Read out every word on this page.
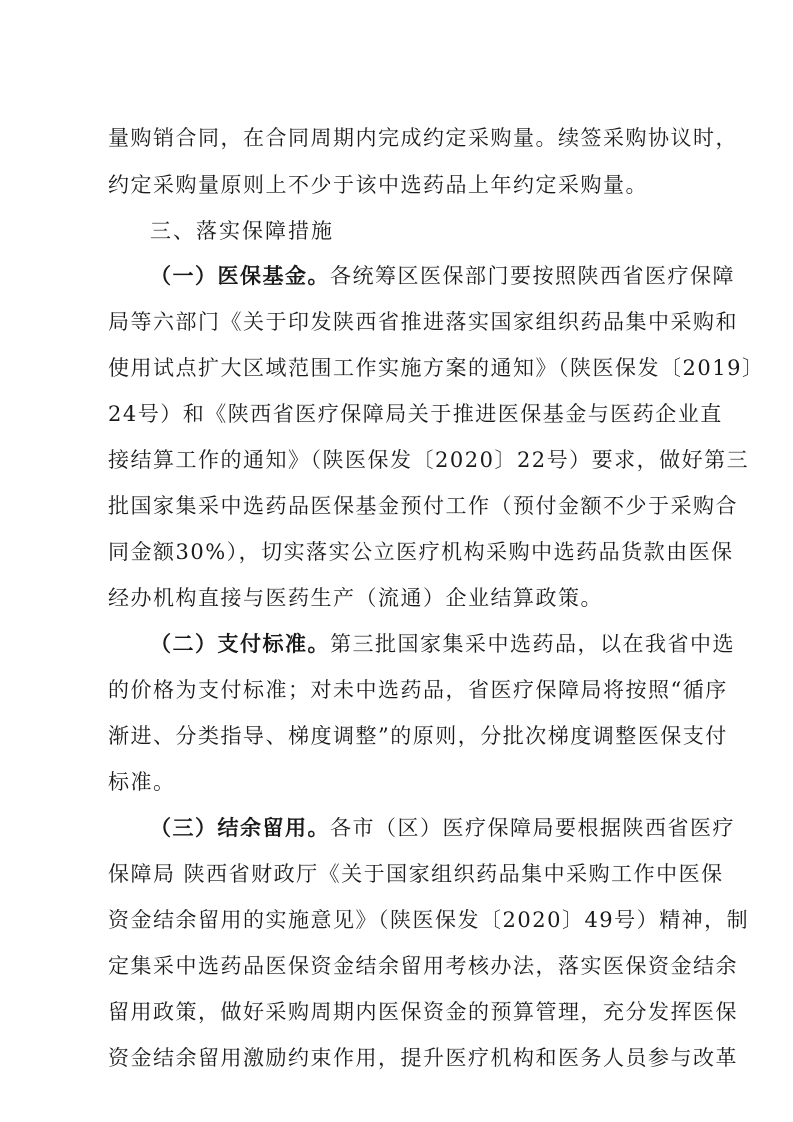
量购销合同，在合同周期内完成约定采购量。续签采购协议时，
约定采购量原则上不少于该中选药品上年约定采购量。
三、落实保障措施
（一）医保基金。各统筹区医保部门要按照陕西省医疗保障
局等六部门《关于印发陕西省推进落实国家组织药品集中采购和
使用试点扩大区域范围工作实施方案的通知》（陕医保发〔2019〕
24号）和《陕西省医疗保障局关于推进医保基金与医药企业直
接结算工作的通知》（陕医保发〔2020〕22号）要求，做好第三
批国家集采中选药品医保基金预付工作（预付金额不少于采购合
同金额30%），切实落实公立医疗机构采购中选药品货款由医保
经办机构直接与医药生产（流通）企业结算政策。
（二）支付标准。第三批国家集采中选药品，以在我省中选
的价格为支付标准；对未中选药品，省医疗保障局将按照“循序
渐进、分类指导、梯度调整”的原则，分批次梯度调整医保支付
标准。
（三）结余留用。各市（区）医疗保障局要根据陕西省医疗
保障局 陕西省财政厅《关于国家组织药品集中采购工作中医保
资金结余留用的实施意见》（陕医保发〔2020〕49号）精神，制
定集采中选药品医保资金结余留用考核办法，落实医保资金结余
留用政策，做好采购周期内医保资金的预算管理，充分发挥医保
资金结余留用激励约束作用，提升医疗机构和医务人员参与改革
